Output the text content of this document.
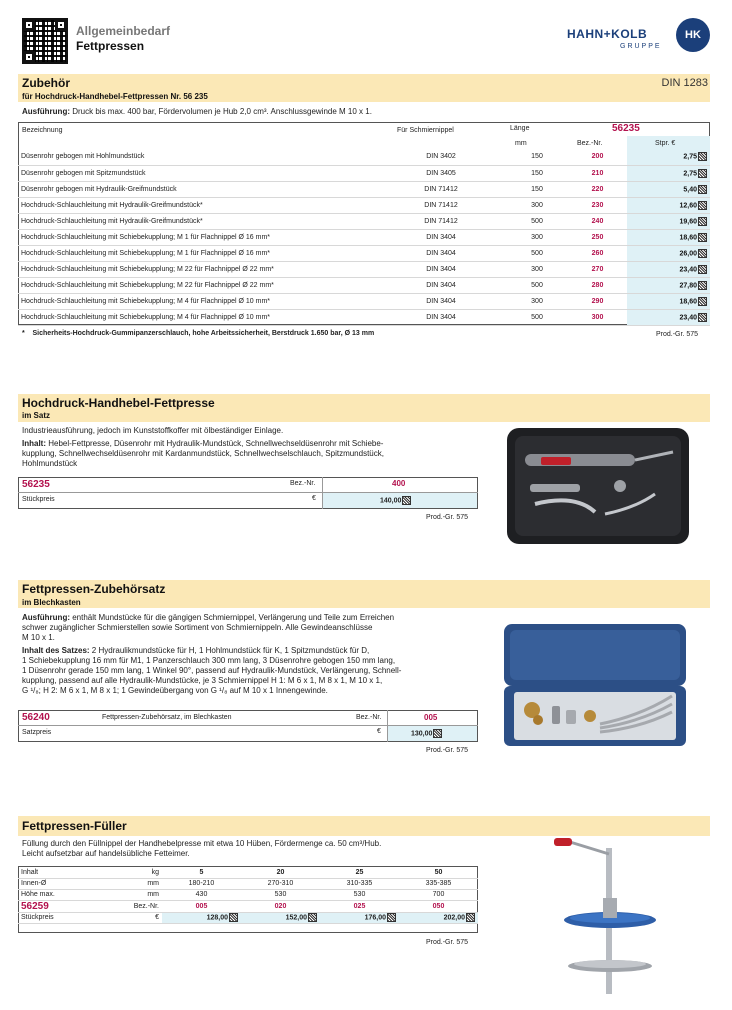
Allgemeinbedarf
Fettpressen
HAHN+KOLB
GRUPPE
HK
Zubehör	DIN 1283
für Hochdruck-Handhebel-Fettpressen Nr. 56 235
Ausführung: Druck bis max. 400 bar, Fördervolumen je Hub 2,0 cm³. Anschlussgewinde M 10 x 1.
Bezeichnung	Für Schmiernippel	Länge
mm
56235
Bez.-Nr.	Stpr. €
Düsenrohr gebogen mit Hohlmundstück	DIN 3402	150	200	2,75
Düsenrohr gebogen mit Spitzmundstück	DIN 3405	150	210	2,75
Düsenrohr gebogen mit Hydraulik-Greifmundstück	DIN 71412	150	220	5,40
Hochdruck-Schlauchleitung mit Hydraulik-Greifmundstück*	DIN 71412	300	230	12,60
Hochdruck-Schlauchleitung mit Hydraulik-Greifmundstück*	DIN 71412	500	240	19,60
Hochdruck-Schlauchleitung mit Schiebekupplung; M 1 für Flachnippel Ø 16 mm*	DIN 3404	300	250	18,60
Hochdruck-Schlauchleitung mit Schiebekupplung; M 1 für Flachnippel Ø 16 mm*	DIN 3404	500	260	26,00
Hochdruck-Schlauchleitung mit Schiebekupplung; M 22 für Flachnippel Ø 22 mm*	DIN 3404	300	270	23,40
Hochdruck-Schlauchleitung mit Schiebekupplung; M 22 für Flachnippel Ø 22 mm*	DIN 3404	500	280	27,80
Hochdruck-Schlauchleitung mit Schiebekupplung; M 4 für Flachnippel Ø 10 mm*	DIN 3404	300	290	18,60
Hochdruck-Schlauchleitung mit Schiebekupplung; M 4 für Flachnippel Ø 10 mm*	DIN 3404	500	300	23,40
* Sicherheits-Hochdruck-Gummipanzerschlauch, hohe Arbeitssicherheit, Berstdruck 1.650 bar, Ø 13 mm	Prod.-Gr. 575
Hochdruck-Handhebel-Fettpresse
im Satz
Industrieausführung, jedoch im Kunststoffkoffer mit ölbeständiger Einlage.
Inhalt: Hebel-Fettpresse, Düsenrohr mit Hydraulik-Mundstück, Schnellwechseldüsenrohr mit Schiebe-
kupplung, Schnellwechseldüsenrohr mit Kardanmundstück, Schnellwechselschlauch, Spitzmundstück,
Hohlmundstück
56235	Bez.-Nr.	400
Stückpreis	€	140,00
Prod.-Gr. 575
Fettpressen-Zubehörsatz
im Blechkasten
Ausführung: enthält Mundstücke für die gängigen Schmiernippel, Verlängerung und Teile zum Erreichen
schwer zugänglicher Schmierstellen sowie Sortiment von Schmiernippeln. Alle Gewindeanschlüsse
M 10 x 1.
Inhalt des Satzes: 2 Hydraulikmundstücke für H, 1 Hohlmundstück für K, 1 Spitzmundstück für D,
1 Schiebekupplung 16 mm für M1, 1 Panzerschlauch 300 mm lang, 3 Düsenrohre gebogen 150 mm lang,
1 Düsenrohr gerade 150 mm lang, 1 Winkel 90°, passend auf Hydraulik-Mundstück, Verlängerung, Schnell-
kupplung, passend auf alle Hydraulik-Mundstücke, je 3 Schmiernippel H 1: M 6 x 1, M 8 x 1, M 10 x 1,
G ¹/₈; H 2: M 6 x 1, M 8 x 1; 1 Gewindeübergang von G ¹/₈ auf M 10 x 1 Innengewinde.
56240	Fettpressen-Zubehörsatz, im Blechkasten	Bez.-Nr.	005
Satzpreis	€	130,00
Prod.-Gr. 575
Fettpressen-Füller
Füllung durch den Füllnippel der Handhebelpresse mit etwa 10 Hüben, Fördermenge ca. 50 cm³/Hub.
Leicht aufsetzbar auf handelsübliche Fetteimer.
Inhalt	kg	5	20	25	50
Innen-Ø	mm	180-210	270-310	310-335	335-385
Höhe max.	mm	430	530	530	700
56259	Bez.-Nr.	005	020	025	050
Stückpreis	€	128,00	152,00	176,00	202,00
Prod.-Gr. 575
